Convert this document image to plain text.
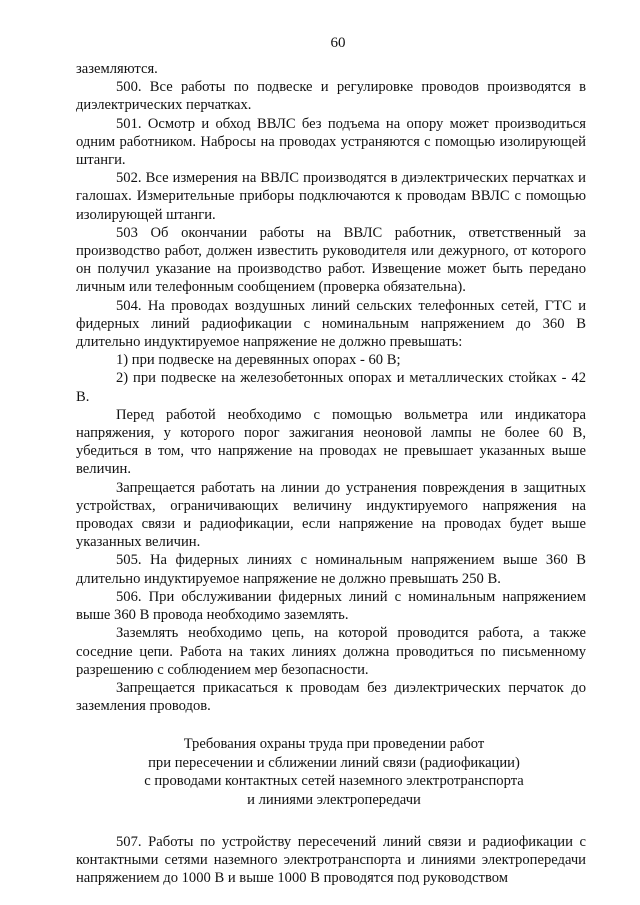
60
заземляются.
500. Все работы по подвеске и регулировке проводов производятся в диэлектрических перчатках.
501. Осмотр и обход ВВЛС без подъема на опору может производиться одним работником. Набросы на проводах устраняются с помощью изолирующей штанги.
502. Все измерения на ВВЛС производятся в диэлектрических перчатках и галошах. Измерительные приборы подключаются к проводам ВВЛС с помощью изолирующей штанги.
503 Об окончании работы на ВВЛС работник, ответственный за производство работ, должен известить руководителя или дежурного, от которого он получил указание на производство работ. Извещение может быть передано личным или телефонным сообщением (проверка обязательна).
504. На проводах воздушных линий сельских телефонных сетей, ГТС и фидерных линий радиофикации с номинальным напряжением до 360 В длительно индуктируемое напряжение не должно превышать:
1) при подвеске на деревянных опорах - 60 В;
2) при подвеске на железобетонных опорах и металлических стойках - 42 В.
Перед работой необходимо с помощью вольметра или индикатора напряжения, у которого порог зажигания неоновой лампы не более 60 В, убедиться в том, что напряжение на проводах не превышает указанных выше величин.
Запрещается работать на линии до устранения повреждения в защитных устройствах, ограничивающих величину индуктируемого напряжения на проводах связи и радиофикации, если напряжение на проводах будет выше указанных величин.
505. На фидерных линиях с номинальным напряжением выше 360 В длительно индуктируемое напряжение не должно превышать 250 В.
506. При обслуживании фидерных линий с номинальным напряжением выше 360 В провода необходимо заземлять.
Заземлять необходимо цепь, на которой проводится работа, а также соседние цепи. Работа на таких линиях должна проводиться по письменному разрешению с соблюдением мер безопасности.
Запрещается прикасаться к проводам без диэлектрических перчаток до заземления проводов.
Требования охраны труда при проведении работ
при пересечении и сближении линий связи (радиофикации)
с проводами контактных сетей наземного электротранспорта
и линиями электропередачи
507. Работы по устройству пересечений линий связи и радиофикации с контактными сетями наземного электротранспорта и линиями электропередачи напряжением до 1000 В и выше 1000 В проводятся под руководством
